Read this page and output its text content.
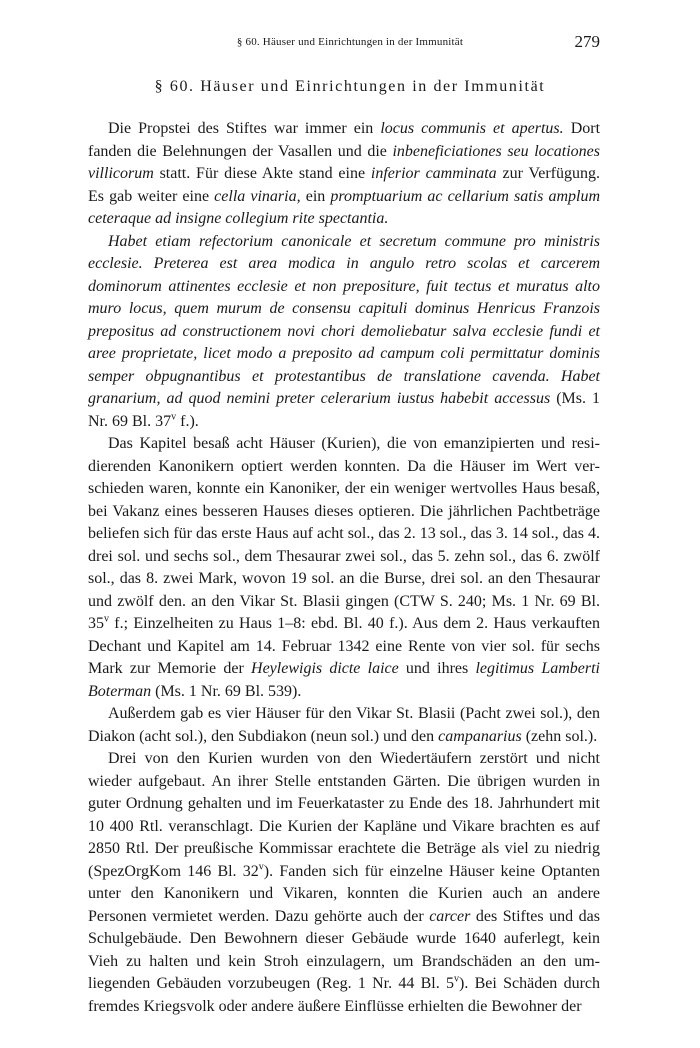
§ 60. Häuser und Einrichtungen in der Immunität	279
§ 60. Häuser und Einrichtungen in der Immunität

Die Propstei des Stiftes war immer ein locus communis et apertus. Dort fanden die Belehnungen der Vasallen und die inbeneficiationes seu locationes villicorum statt. Für diese Akte stand eine inferior camminata zur Verfügung. Es gab weiter eine cella vinaria, ein promptuarium ac cellarium satis amplum ceteraque ad insigne collegium rite spectantia.

Habet etiam refectorium canonicale et secretum commune pro ministris ecclesie. Preterea est area modica in angulo retro scolas et carcerem dominorum attinentes ecclesie et non prepositure, fuit tectus et muratus alto muro locus, quem murum de consensu capituli dominus Henricus Franzois prepositus ad constructionem novi chori demoliebatur salva ecclesie fundi et aree proprietate, licet modo a preposito ad campum coli permittatur dominis semper obpugnantibus et protestantibus de translatione cavenda. Habet granarium, ad quod nemini preter celerarium iustus habebit accessus (Ms. 1 Nr. 69 Bl. 37$^v$ f.).

Das Kapitel besaß acht Häuser (Kurien), die von emanzipierten und residierenden Kanonikern optiert werden konnten. Da die Häuser im Wert verschieden waren, konnte ein Kanoniker, der ein weniger wertvolles Haus besaß, bei Vakanz eines besseren Hauses dieses optieren. Die jährlichen Pachtbeträge beliefen sich für das erste Haus auf acht sol., das 2. 13 sol., das 3. 14 sol., das 4. drei sol. und sechs sol., dem Thesaurar zwei sol., das 5. zehn sol., das 6. zwölf sol., das 8. zwei Mark, wovon 19 sol. an die Burse, drei sol. an den Thesaurar und zwölf den. an den Vikar St. Blasii gingen (CTW S. 240; Ms. 1 Nr. 69 Bl. 35$^v$ f.; Einzelheiten zu Haus 1–8: ebd. Bl. 40 f.). Aus dem 2. Haus verkauften Dechant und Kapitel am 14. Februar 1342 eine Rente von vier sol. für sechs Mark zur Memorie der Heylewigis dicte laice und ihres legitimus Lamberti Boterman (Ms. 1 Nr. 69 Bl. 539).

Außerdem gab es vier Häuser für den Vikar St. Blasii (Pacht zwei sol.), den Diakon (acht sol.), den Subdiakon (neun sol.) und den campanarius (zehn sol.).

Drei von den Kurien wurden von den Wiedertäufern zerstört und nicht wieder aufgebaut. An ihrer Stelle entstanden Gärten. Die übrigen wurden in guter Ordnung gehalten und im Feuerkataster zu Ende des 18. Jahrhundert mit 10 400 Rtl. veranschlagt. Die Kurien der Kapläne und Vikare brachten es auf 2850 Rtl. Der preußische Kommissar erachtete die Beträge als viel zu niedrig (SpezOrgKom 146 Bl. 32$^v$). Fanden sich für einzelne Häuser keine Optanten unter den Kanonikern und Vikaren, konnten die Kurien auch an andere Personen vermietet werden. Dazu gehörte auch der carcer des Stiftes und das Schulgebäude. Den Bewohnern dieser Gebäude wurde 1640 auferlegt, kein Vieh zu halten und kein Stroh einzulagern, um Brandschäden an den umliegenden Gebäuden vorzubeugen (Reg. 1 Nr. 44 Bl. 5$^v$). Bei Schäden durch fremdes Kriegsvolk oder andere äußere Einflüsse erhielten die Bewohner der
